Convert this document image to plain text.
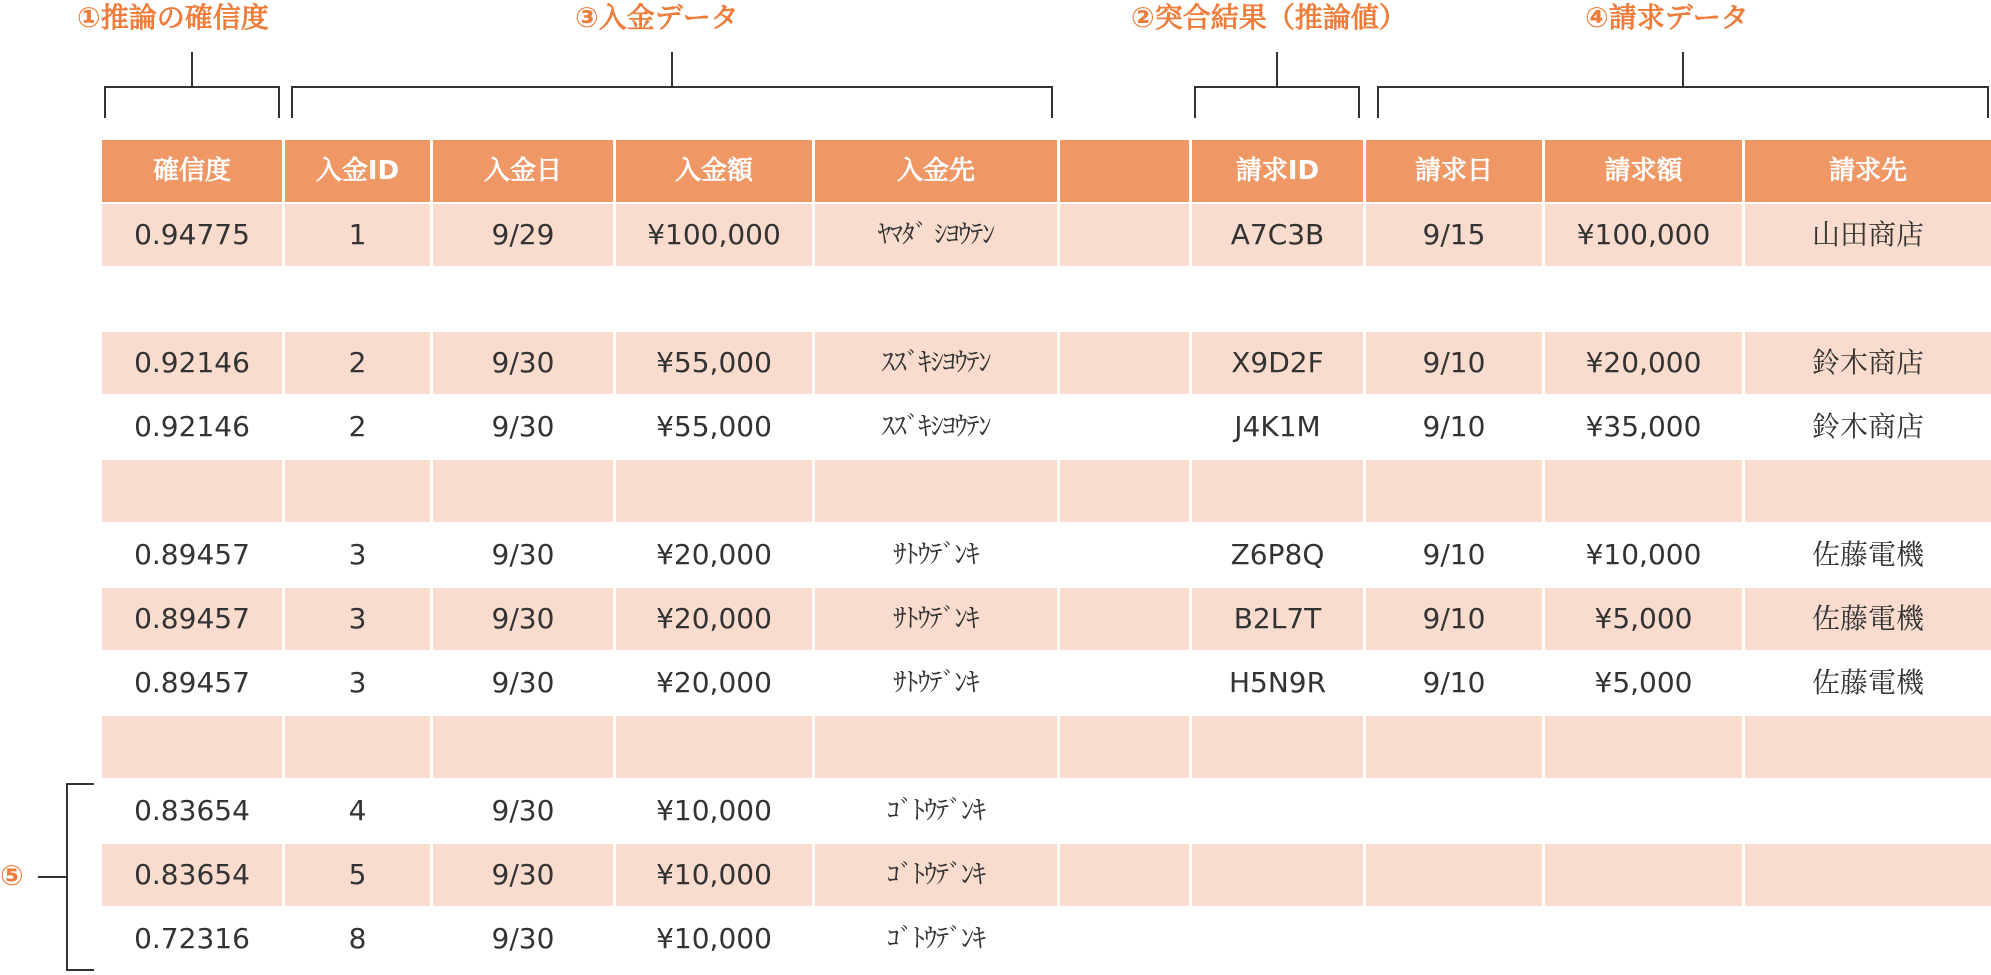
①推論の確信度	③入金データ	②突合結果（推論値）	④請求データ
確信度	入金ID	入金日	入金額	入金先	請求ID	請求日	請求額	請求先
0.94775	1	9/29	¥100,000	ﾔﾏﾀﾞ ｼﾖｳﾃﾝ	A7C3B	9/15	¥100,000	山田商店
0.92146	2	9/30	¥55,000	ｽｽﾞｷｼﾖｳﾃﾝ	X9D2F	9/10	¥20,000	鈴木商店
0.92146	2	9/30	¥55,000	ｽｽﾞｷｼﾖｳﾃﾝ	J4K1M	9/10	¥35,000	鈴木商店
0.89457	3	9/30	¥20,000	ｻﾄｳﾃﾞﾝｷ	Z6P8Q	9/10	¥10,000	佐藤電機
0.89457	3	9/30	¥20,000	ｻﾄｳﾃﾞﾝｷ	B2L7T	9/10	¥5,000	佐藤電機
0.89457	3	9/30	¥20,000	ｻﾄｳﾃﾞﾝｷ	H5N9R	9/10	¥5,000	佐藤電機
0.83654	4	9/30	¥10,000	ｺﾞﾄｳﾃﾞﾝｷ
0.83654	5	9/30	¥10,000	ｺﾞﾄｳﾃﾞﾝｷ
0.72316	8	9/30	¥10,000	ｺﾞﾄｳﾃﾞﾝｷ
⑤
